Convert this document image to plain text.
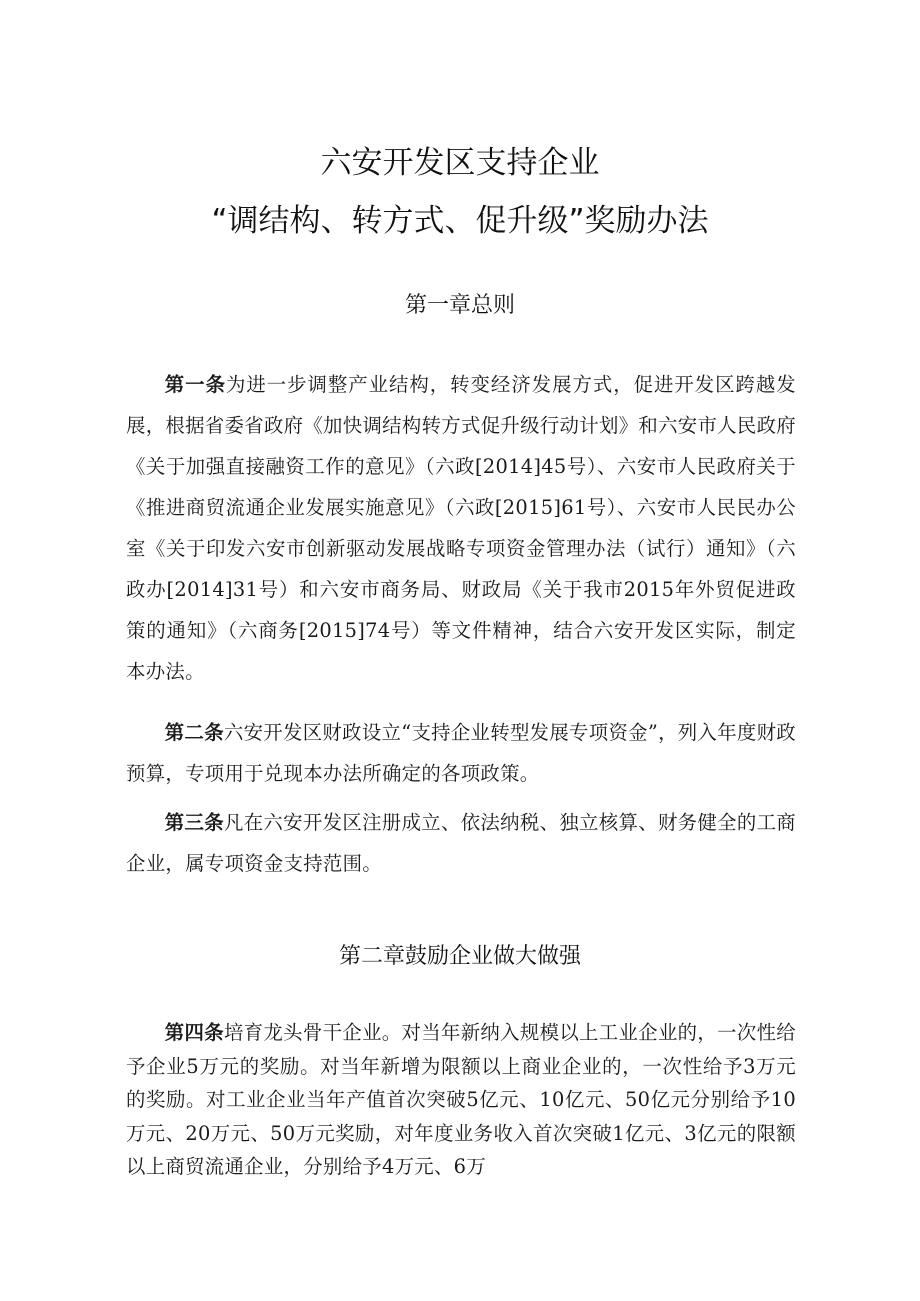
六安开发区支持企业
“调结构、转方式、促升级”奖励办法
第一章总则
第一条为进一步调整产业结构，转变经济发展方式，促进开发区跨越发展，根据省委省政府《加快调结构转方式促升级行动计划》和六安市人民政府《关于加强直接融资工作的意见》（六政[2014]45号）、六安市人民政府关于《推进商贸流通企业发展实施意见》（六政[2015]61号）、六安市人民民办公室《关于印发六安市创新驱动发展战略专项资金管理办法（试行）通知》（六政办[2014]31号）和六安市商务局、财政局《关于我市2015年外贸促进政策的通知》（六商务[2015]74号）等文件精神，结合六安开发区实际，制定本办法。
第二条六安开发区财政设立“支持企业转型发展专项资金”，列入年度财政预算，专项用于兑现本办法所确定的各项政策。
第三条凡在六安开发区注册成立、依法纳税、独立核算、财务健全的工商企业，属专项资金支持范围。
第二章鼓励企业做大做强
第四条培育龙头骨干企业。对当年新纳入规模以上工业企业的，一次性给予企业5万元的奖励。对当年新增为限额以上商业企业的，一次性给予3万元的奖励。对工业企业当年产值首次突破5亿元、10亿元、50亿元分别给予10万元、20万元、50万元奖励，对年度业务收入首次突破1亿元、3亿元的限额以上商贸流通企业，分别给予4万元、6万
